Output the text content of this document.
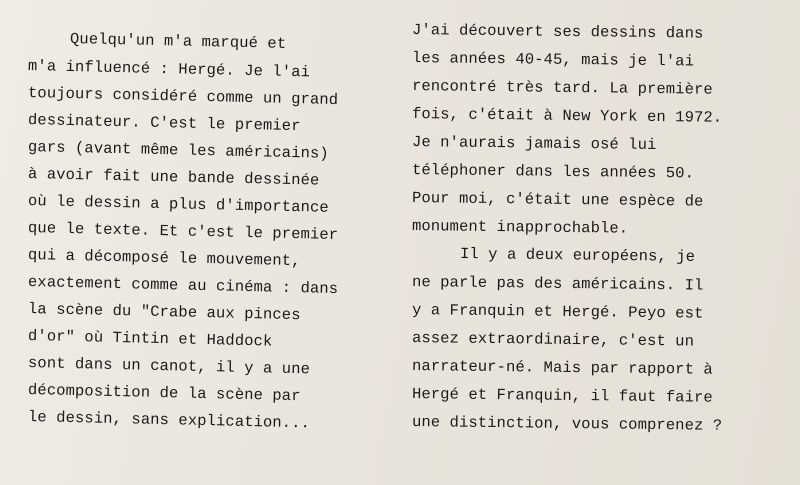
Quelqu'un m'a marqué et
m'a influencé : Hergé. Je l'ai
toujours considéré comme un grand
dessinateur. C'est le premier
gars (avant même les américains)
à avoir fait une bande dessinée
où le dessin a plus d'importance
que le texte. Et c'est le premier
qui a décomposé le mouvement,
exactement comme au cinéma : dans
la scène du "Crabe aux pinces
d'or" où Tintin et Haddock
sont dans un canot, il y a une
décomposition de la scène par
le dessin, sans explication...
J'ai découvert ses dessins dans
les années 40-45, mais je l'ai
rencontré très tard. La première
fois, c'était à New York en 1972.
Je n'aurais jamais osé lui
téléphoner dans les années 50.
Pour moi, c'était une espèce de
monument inapprochable.
Il y a deux européens, je
ne parle pas des américains. Il
y a Franquin et Hergé. Peyo est
assez extraordinaire, c'est un
narrateur-né. Mais par rapport à
Hergé et Franquin, il faut faire
une distinction, vous comprenez ?
